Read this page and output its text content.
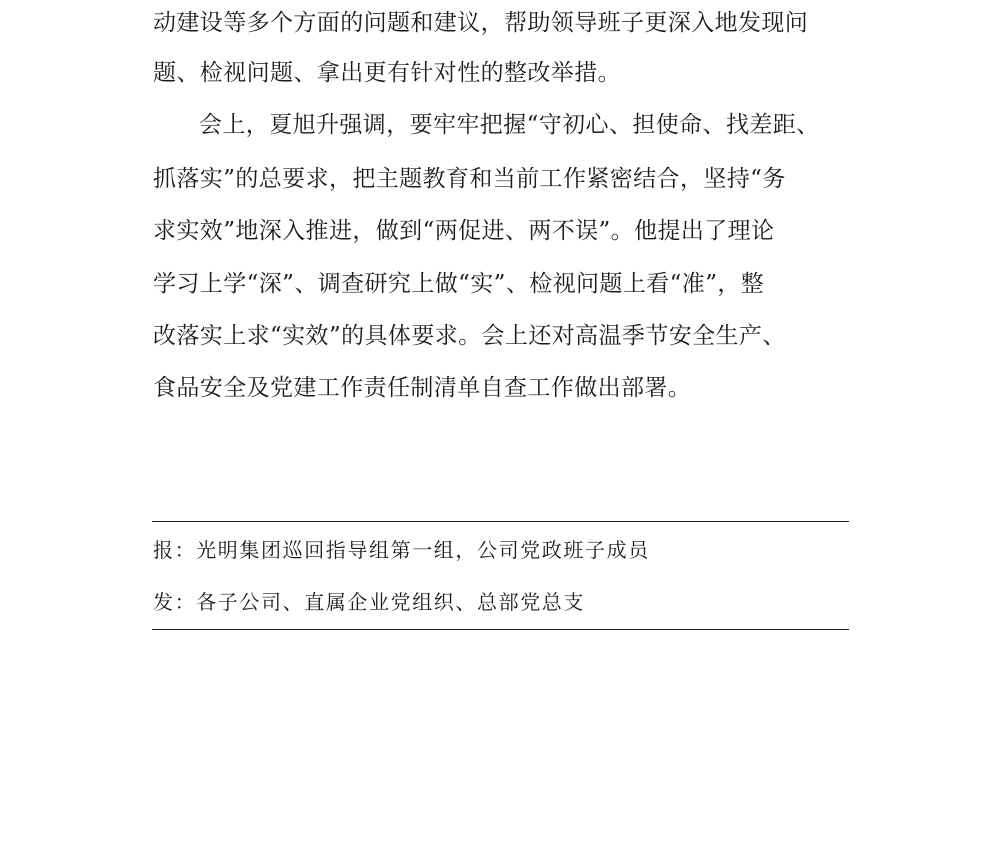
动建设等多个方面的问题和建议，帮助领导班子更深入地发现问
题、检视问题、拿出更有针对性的整改举措。
会上，夏旭升强调，要牢牢把握“守初心、担使命、找差距、
抓落实”的总要求，把主题教育和当前工作紧密结合，坚持“务
求实效”地深入推进，做到“两促进、两不误”。他提出了理论
学习上学“深”、调查研究上做“实”、检视问题上看“准”，整
改落实上求“实效”的具体要求。会上还对高温季节安全生产、
食品安全及党建工作责任制清单自查工作做出部署。
报：光明集团巡回指导组第一组，公司党政班子成员
发：各子公司、直属企业党组织、总部党总支
